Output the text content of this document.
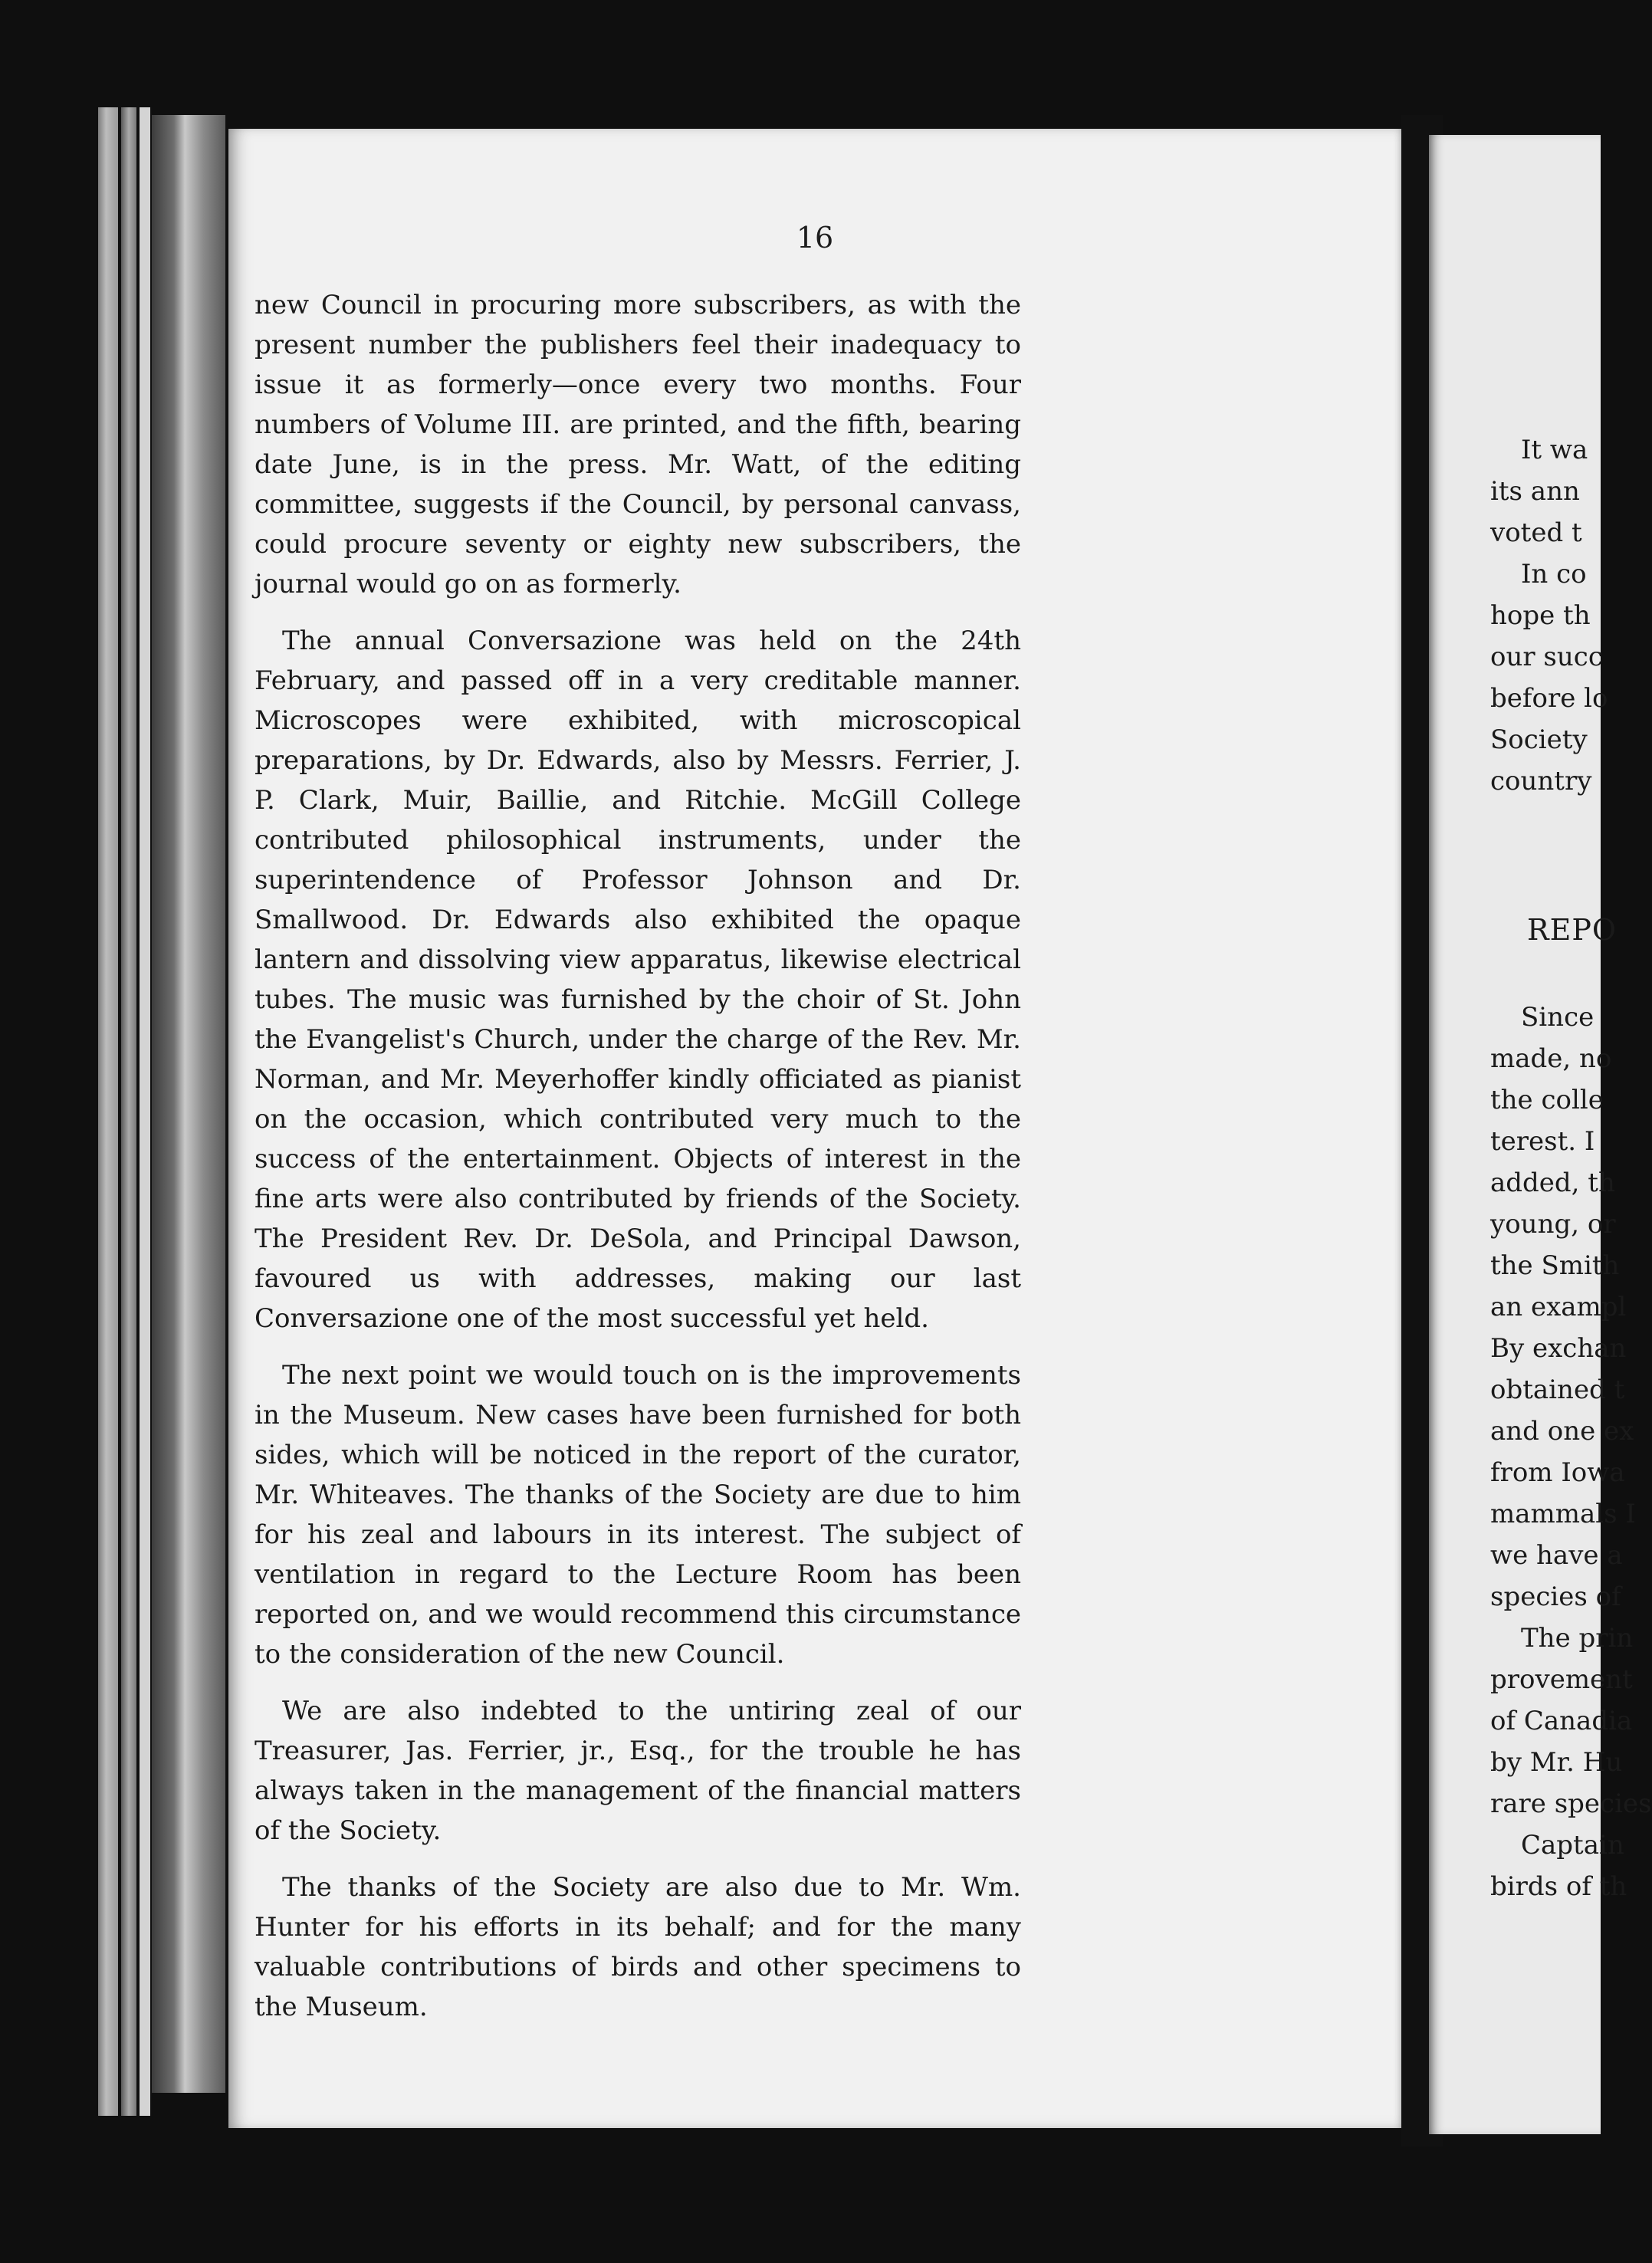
16

new Council in procuring more subscribers, as with the present number the publishers feel their inadequacy to issue it as formerly—once every two months. Four numbers of Volume III. are printed, and the fifth, bearing date June, is in the press. Mr. Watt, of the editing committee, suggests if the Council, by personal canvass, could procure seventy or eighty new subscribers, the journal would go on as formerly.

The annual Conversazione was held on the 24th February, and passed off in a very creditable manner. Microscopes were exhibited, with microscopical preparations, by Dr. Edwards, also by Messrs. Ferrier, J. P. Clark, Muir, Baillie, and Ritchie. McGill College contributed philosophical instruments, under the superintendence of Professor Johnson and Dr. Smallwood. Dr. Edwards also exhibited the opaque lantern and dissolving view apparatus, likewise electrical tubes. The music was furnished by the choir of St. John the Evangelist's Church, under the charge of the Rev. Mr. Norman, and Mr. Meyerhoffer kindly officiated as pianist on the occasion, which contributed very much to the success of the entertainment. Objects of interest in the fine arts were also contributed by friends of the Society. The President Rev. Dr. DeSola, and Principal Dawson, favoured us with addresses, making our last Conversazione one of the most successful yet held.

The next point we would touch on is the improvements in the Museum. New cases have been furnished for both sides, which will be noticed in the report of the curator, Mr. Whiteaves. The thanks of the Society are due to him for his zeal and labours in its interest. The subject of ventilation in regard to the Lecture Room has been reported on, and we would recommend this circumstance to the consideration of the new Council.

We are also indebted to the untiring zeal of our Treasurer, Jas. Ferrier, jr., Esq., for the trouble he has always taken in the management of the financial matters of the Society.

The thanks of the Society are also due to Mr. Wm. Hunter for his efforts in its behalf; and for the many valuable contributions of birds and other specimens to the Museum.

It wa
its ann
voted t
In co
hope th
our succ
before lo
Society
country
REPO
Since
made, no
the colle
terest. I
added, th
young, or
the Smith
an exampl
By exchan
obtained t
and one ex
from Iowa
mammals I
we have a
species of
The prin
provement
of Canadia
by Mr. Hu
rare species
Captain
birds of th
